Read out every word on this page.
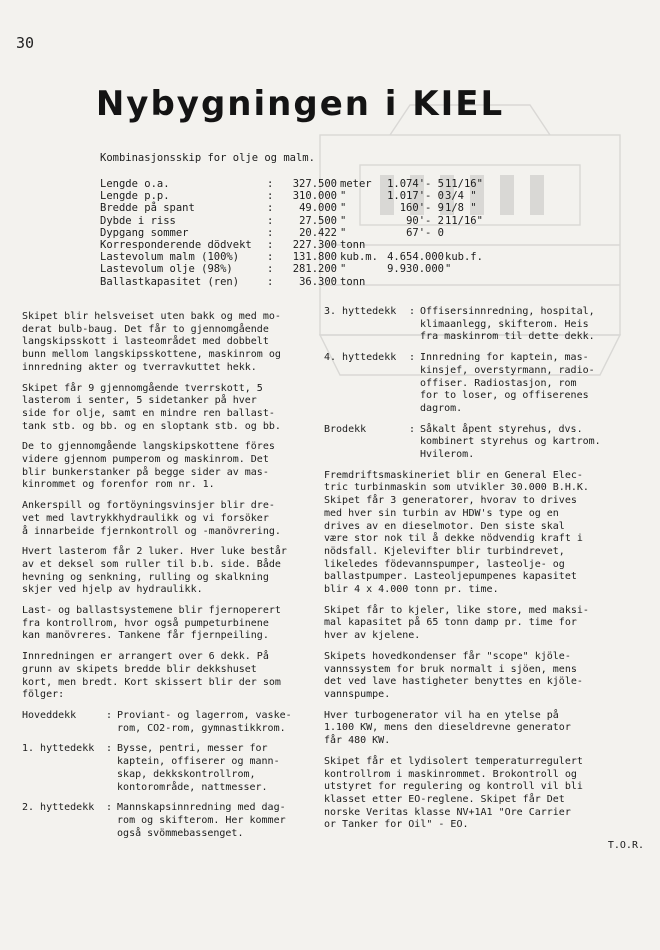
30
Nybygningen i KIEL
Kombinasjonsskip for olje og malm.
Lengde o.a.	:	327.500 meter 1.074'- 5 11/16"
Lengde p.p.	:	310.000 "	1.017'- 0 3/4 "
Bredde på spant	:	49.000 "	160'- 9 1/8 "
Dybde i riss	:	27.500 "	90'- 2 11/16"
Dypgang sommer	:	20.422 "	67'- 0
Korresponderende dödvekt :	227.300 tonn
Lastevolum malm (100%)	:	131.800 kub.m. 4.654.000 kub.f.
Lastevolum olje (98%)	:	281.200 "	9.930.000 "
Ballastkapasitet (ren)	:	36.300 tonn

Skipet blir helsveiset uten bakk og med mo-
derat bulb-baug. Det får to gjennomgående
langskipsskott i lasteområdet med dobbelt
bunn mellom langskipsskottene, maskinrom og
innredning akter og tverravkuttet hekk.

Skipet får 9 gjennomgående tverrskott, 5
lasterom i senter, 5 sidetanker på hver
side for olje, samt en mindre ren ballast-
tank stb. og bb. og en sloptank stb. og bb.

De to gjennomgående langskipskottene föres
videre gjennom pumperom og maskinrom. Det
blir bunkerstanker på begge sider av mas-
kinrommet og forenfor rom nr. 1.

Ankerspill og fortöyningsvinsjer blir dre-
vet med lavtrykkhydraulikk og vi forsöker
å innarbeide fjernkontroll og -manövrering.

Hvert lasterom får 2 luker. Hver luke består
av et deksel som ruller til b.b. side. Både
hevning og senkning, rulling og skalkning
skjer ved hjelp av hydraulikk.

Last- og ballastsystemene blir fjernoperert
fra kontrollrom, hvor også pumpeturbinene
kan manövreres. Tankene får fjernpeiling.

Innredningen er arrangert over 6 dekk. På
grunn av skipets bredde blir dekkshuset
kort, men bredt. Kort skissert blir der som
fölger:

Hoveddekk	: Proviant- og lagerrom, vaske-
rom, CO2-rom, gymnastikkrom.
1. hyttedekk	: Bysse, pentri, messer for
kaptein, offiserer og mann-
skap, dekkskontrollrom,
kontorområde, nattmesser.
2. hyttedekk	: Mannskapsinnredning med dag-
rom og skifterom. Her kommer
også svömmebassenget.
3. hyttedekk	: Offisersinnredning, hospital,
klimaanlegg, skifterom. Heis
fra maskinrom til dette dekk.
4. hyttedekk	: Innredning for kaptein, mas-
kinsjef, overstyrmann, radio-
offiser. Radiostasjon, rom
for to loser, og offiserenes
dagrom.
Brodekk	: Såkalt åpent styrehus, dvs.
kombinert styrehus og kartrom.
Hvilerom.

Fremdriftsmaskineriet blir en General Elec-
tric turbinmaskin som utvikler 30.000 B.H.K.
Skipet får 3 generatorer, hvorav to drives
med hver sin turbin av HDW's type og en
drives av en dieselmotor. Den siste skal
være stor nok til å dekke nödvendig kraft i
nödsfall. Kjelevifter blir turbindrevet,
likeledes födevannspumper, lasteolje- og
ballastpumper. Lasteoljepumpenes kapasitet
blir 4 x 4.000 tonn pr. time.

Skipet får to kjeler, like store, med maksi-
mal kapasitet på 65 tonn damp pr. time for
hver av kjelene.

Skipets hovedkondenser får "scope" kjöle-
vannssystem for bruk normalt i sjöen, mens
det ved lave hastigheter benyttes en kjöle-
vannspumpe.

Hver turbogenerator vil ha en ytelse på
1.100 KW, mens den dieseldrevne generator
får 480 KW.

Skipet får et lydisolert temperaturregulert
kontrollrom i maskinrommet. Brokontroll og
utstyret for regulering og kontroll vil bli
klasset etter EO-reglene. Skipet får Det
norske Veritas klasse NV+1A1 "Ore Carrier
or Tanker for Oil" - EO.

T.O.R.
